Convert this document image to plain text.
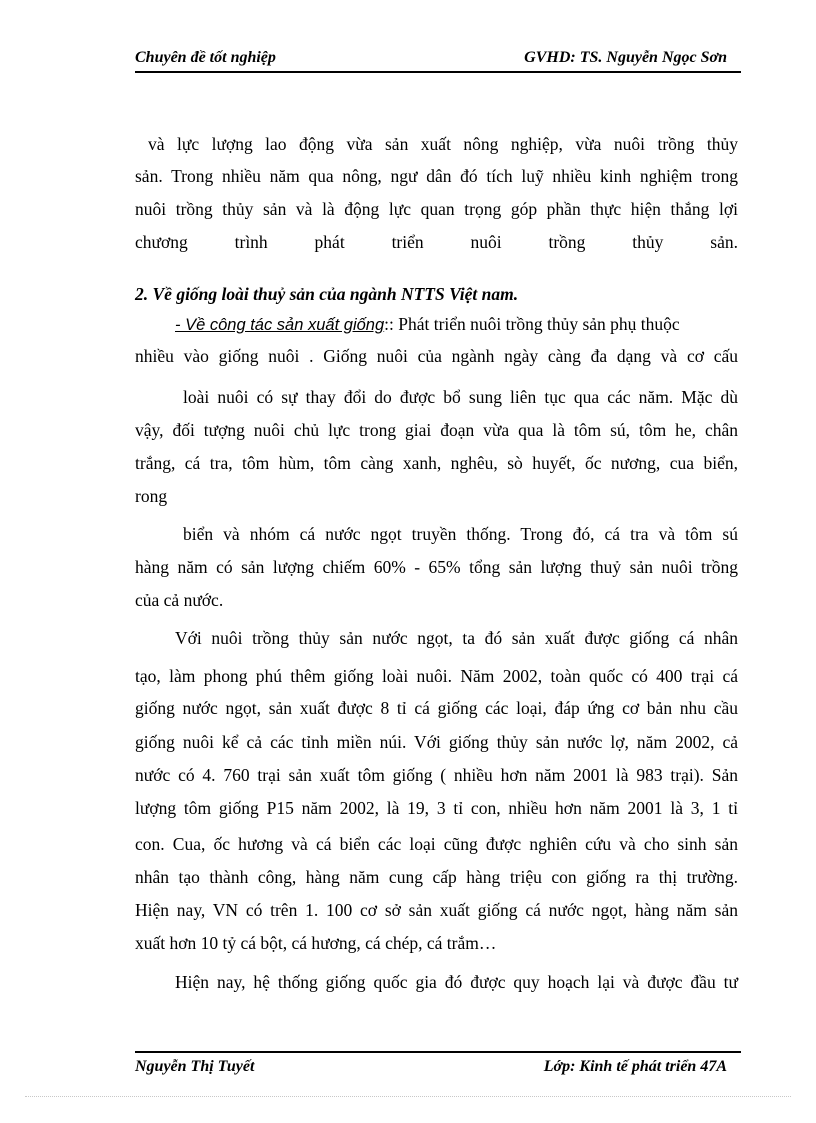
Chuyên đề tốt nghiệp	GVHD: TS. Nguyễn Ngọc Sơn
và lực lượng lao động vừa sản xuất nông nghiệp, vừa nuôi trồng thủy
sản. Trong nhiều năm qua nông, ngư dân đó tích luỹ nhiều kinh nghiệm trong
nuôi trồng thủy sản và là động lực quan trọng góp phần thực hiện thắng lợi
chương trình phát triển nuôi trồng thủy sản.
2. Về giống loài thuỷ sản của ngành NTTS Việt nam.
- Về công tác sản xuất giống:: Phát triển nuôi trồng thủy sản phụ thuộc
nhiều vào giống nuôi . Giống nuôi của ngành ngày càng đa dạng và cơ cấu
loài nuôi có sự thay đổi do được bổ sung liên tục qua các năm. Mặc dù
vậy, đối tượng nuôi chủ lực trong giai đoạn vừa qua là tôm sú, tôm he, chân
trắng, cá tra, tôm hùm, tôm càng xanh, nghêu, sò huyết, ốc nương, cua biển,
rong
biển và nhóm cá nước ngọt truyền thống. Trong đó, cá tra và tôm sú
hàng năm có sản lượng chiếm 60% - 65% tổng sản lượng thuỷ sản nuôi trồng
của cả nước.
Với nuôi trồng thủy sản nước ngọt, ta đó sản xuất được giống cá nhân
tạo, làm phong phú thêm giống loài nuôi. Năm 2002, toàn quốc có 400 trại cá
giống nước ngọt, sản xuất được 8 tỉ cá giống các loại, đáp ứng cơ bản nhu cầu
giống nuôi kể cả các tỉnh miền núi. Với giống thủy sản nước lợ, năm 2002, cả
nước có 4. 760 trại sản xuất tôm giống ( nhiều hơn năm 2001 là 983 trại). Sản
lượng tôm giống P15 năm 2002, là 19, 3 tỉ con, nhiều hơn năm 2001 là 3, 1 tỉ
con. Cua, ốc hương và cá biển các loại cũng được nghiên cứu và cho sinh sản
nhân tạo thành công, hàng năm cung cấp hàng triệu con giống ra thị trường.
Hiện nay, VN có trên 1. 100 cơ sở sản xuất giống cá nước ngọt, hàng năm sản
xuất hơn 10 tỷ cá bột, cá hương, cá chép, cá trắm…
Hiện nay, hệ thống giống quốc gia đó được quy hoạch lại và được đầu tư
Nguyễn Thị Tuyết	Lớp: Kinh tế phát triển 47A
